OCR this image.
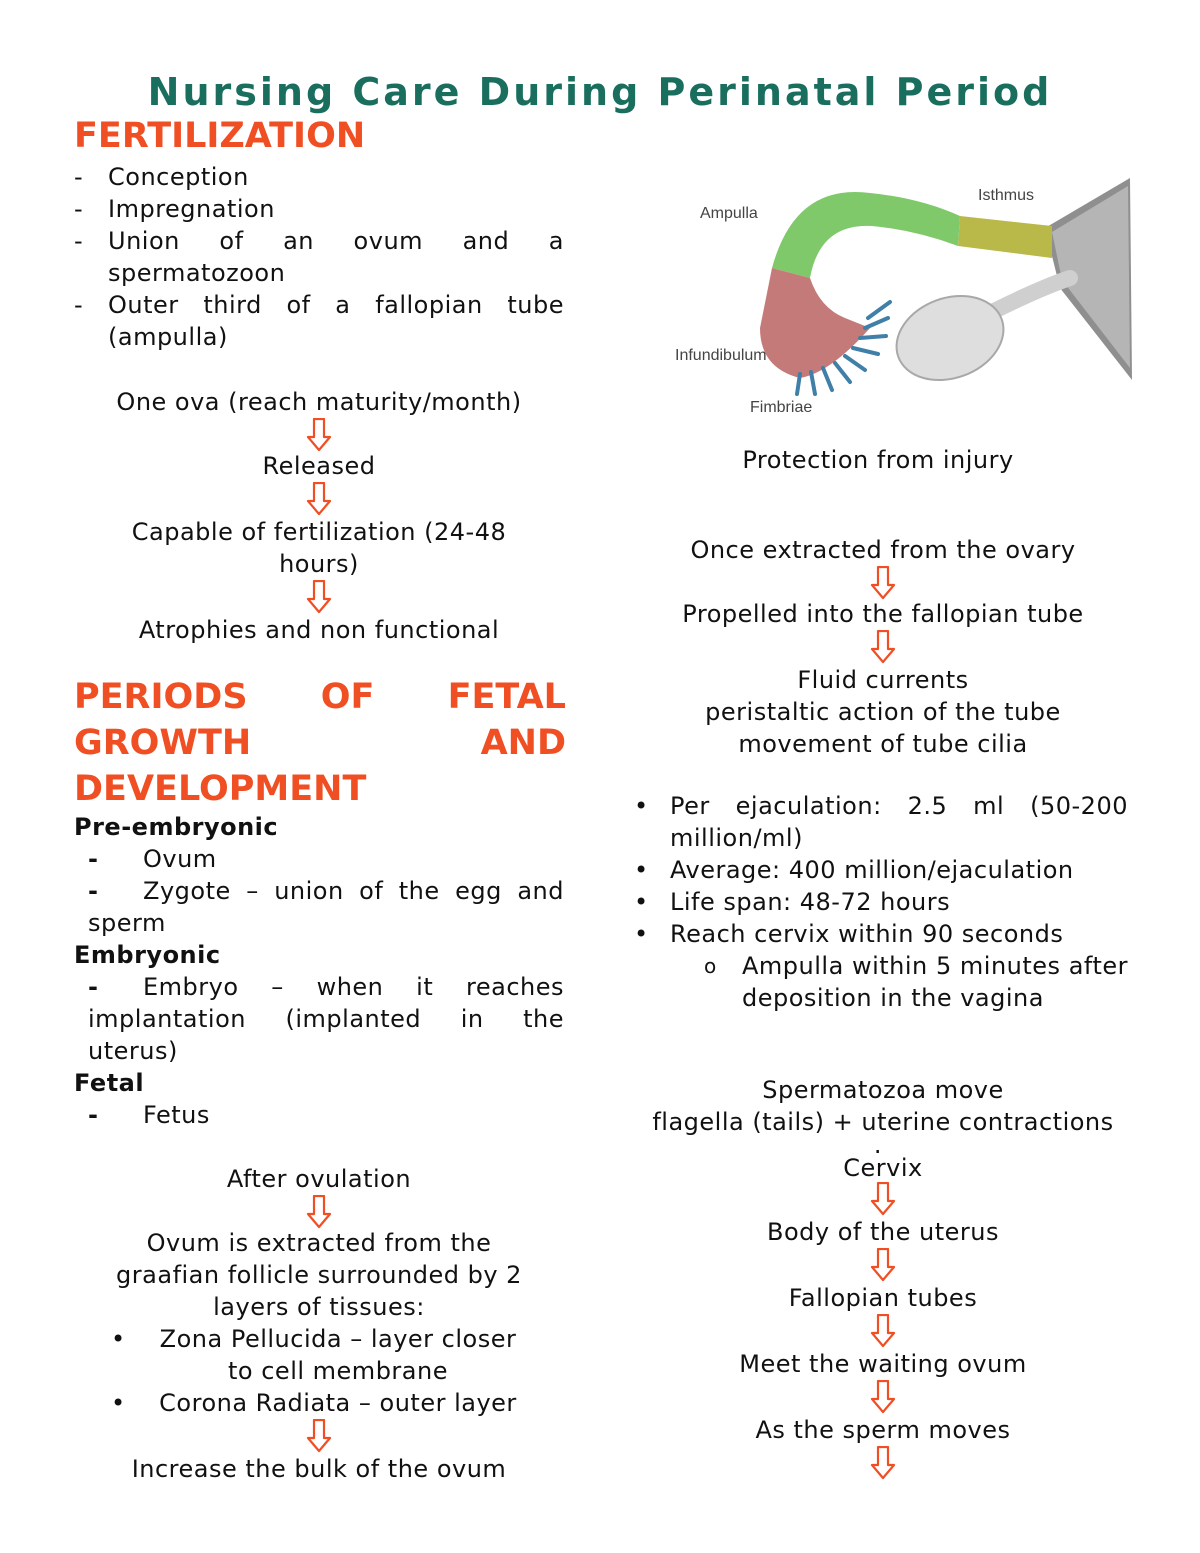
Nursing Care During Perinatal Period
FERTILIZATION
- Conception
- Impregnation
- Union of an ovum and a spermatozoon
- Outer third of a fallopian tube (ampulla)
One ova (reach maturity/month)
Released
Capable of fertilization (24-48 hours)
Atrophies and non functional
PERIODS OF FETAL
GROWTH	AND
DEVELOPMENT
Pre-embryonic
- Ovum
- Zygote – union of the egg and sperm
Embryonic
- Embryo – when it reaches implantation (implanted in the uterus)
Fetal
- Fetus
After ovulation
Ovum is extracted from the graafian follicle surrounded by 2 layers of tissues:
• Zona Pellucida – layer closer to cell membrane
• Corona Radiata – outer layer
Increase the bulk of the ovum
Ampulla
Isthmus
Infundibulum
Fimbriae
Protection from injury
Once extracted from the ovary
Propelled into the fallopian tube
Fluid currents
peristaltic action of the tube
movement of tube cilia
• Per ejaculation: 2.5 ml (50-200 million/ml)
• Average: 400 million/ejaculation
• Life span: 48-72 hours
• Reach cervix within 90 seconds
o Ampulla within 5 minutes after deposition in the vagina
Spermatozoa move
flagella (tails) + uterine contractions
.
Cervix
Body of the uterus
Fallopian tubes
Meet the waiting ovum
As the sperm moves
